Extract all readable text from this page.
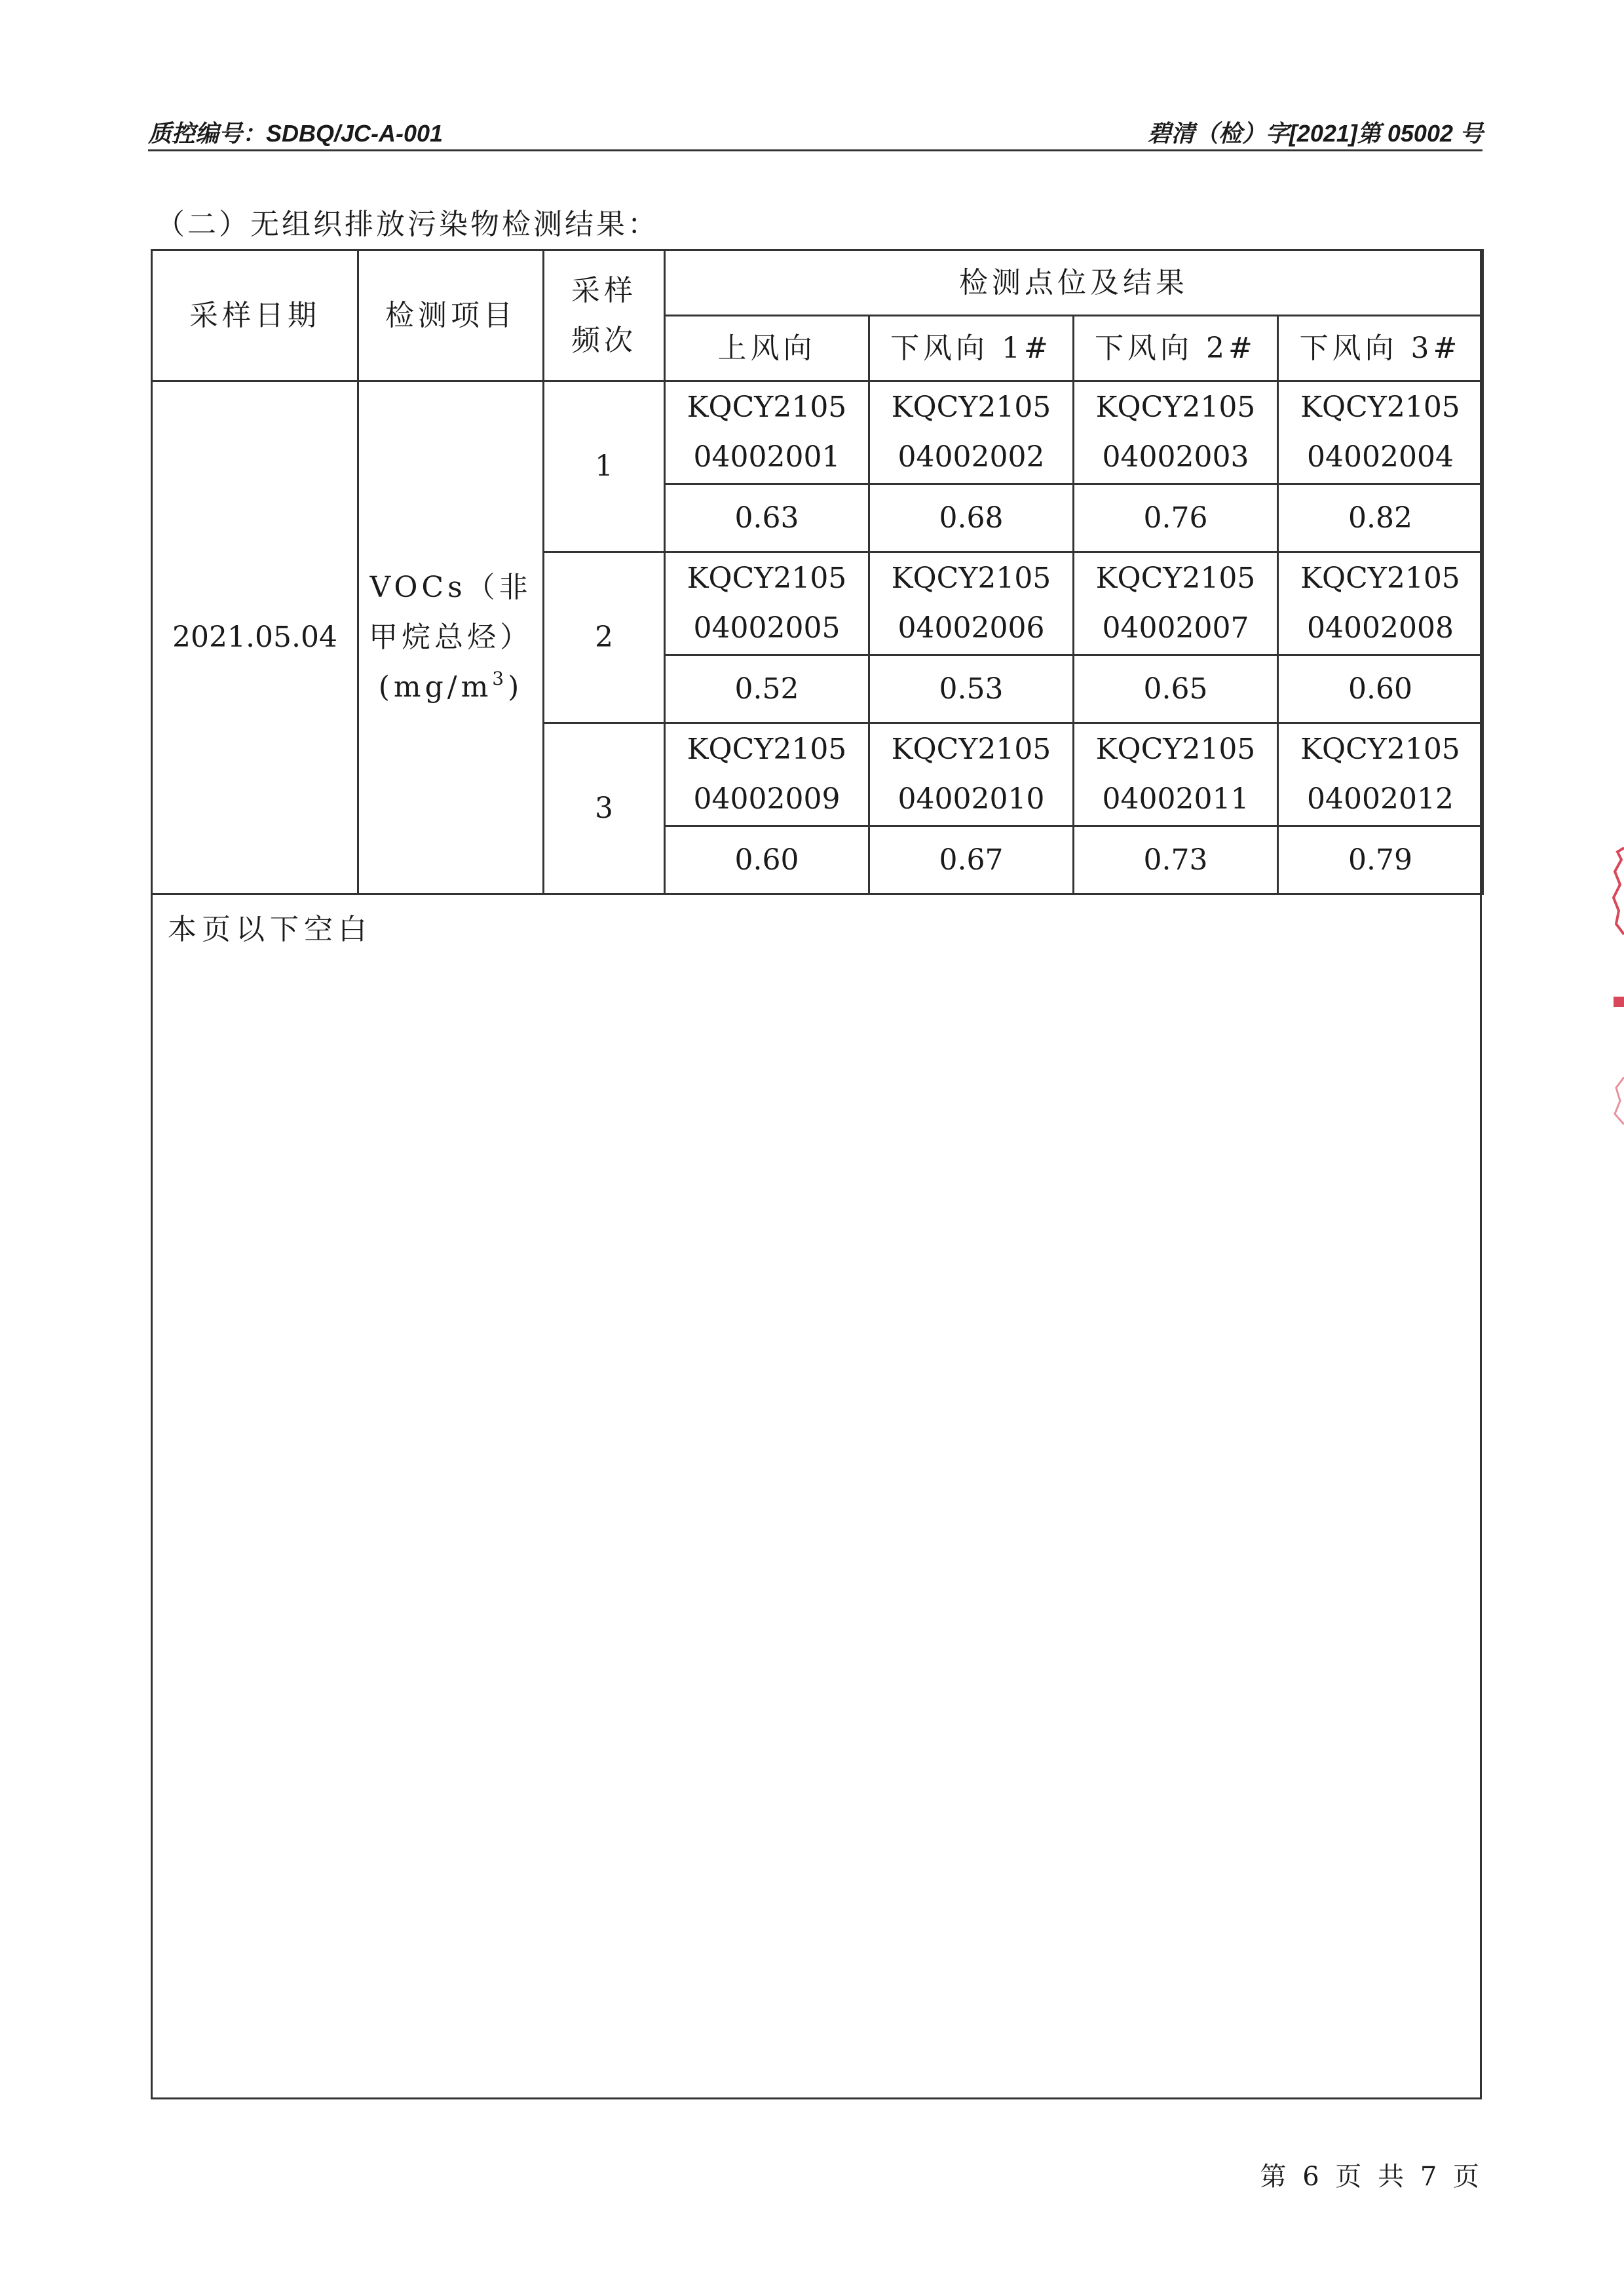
质控编号：SDBQ/JC-A-001	碧清（检）字[2021]第 05002 号
（二）无组织排放污染物检测结果：
采样日期	检测项目	采样
频次	检测点位及结果			
			上风向	下风向 1#	下风向 2#	下风向 3#
2021.05.04	VOCs（非
甲烷总烃）
$(mg/m^3)$	1	KQCY2105
04002001	KQCY2105
04002002	KQCY2105
04002003	KQCY2105
04002004
			0.63	0.68	0.76	0.82
		2	KQCY2105
04002005	KQCY2105
04002006	KQCY2105
04002007	KQCY2105
04002008
			0.52	0.53	0.65	0.60
		3	KQCY2105
04002009	KQCY2105
04002010	KQCY2105
04002011	KQCY2105
04002012
			0.60	0.67	0.73	0.79
本页以下空白
第 6 页 共 7 页
